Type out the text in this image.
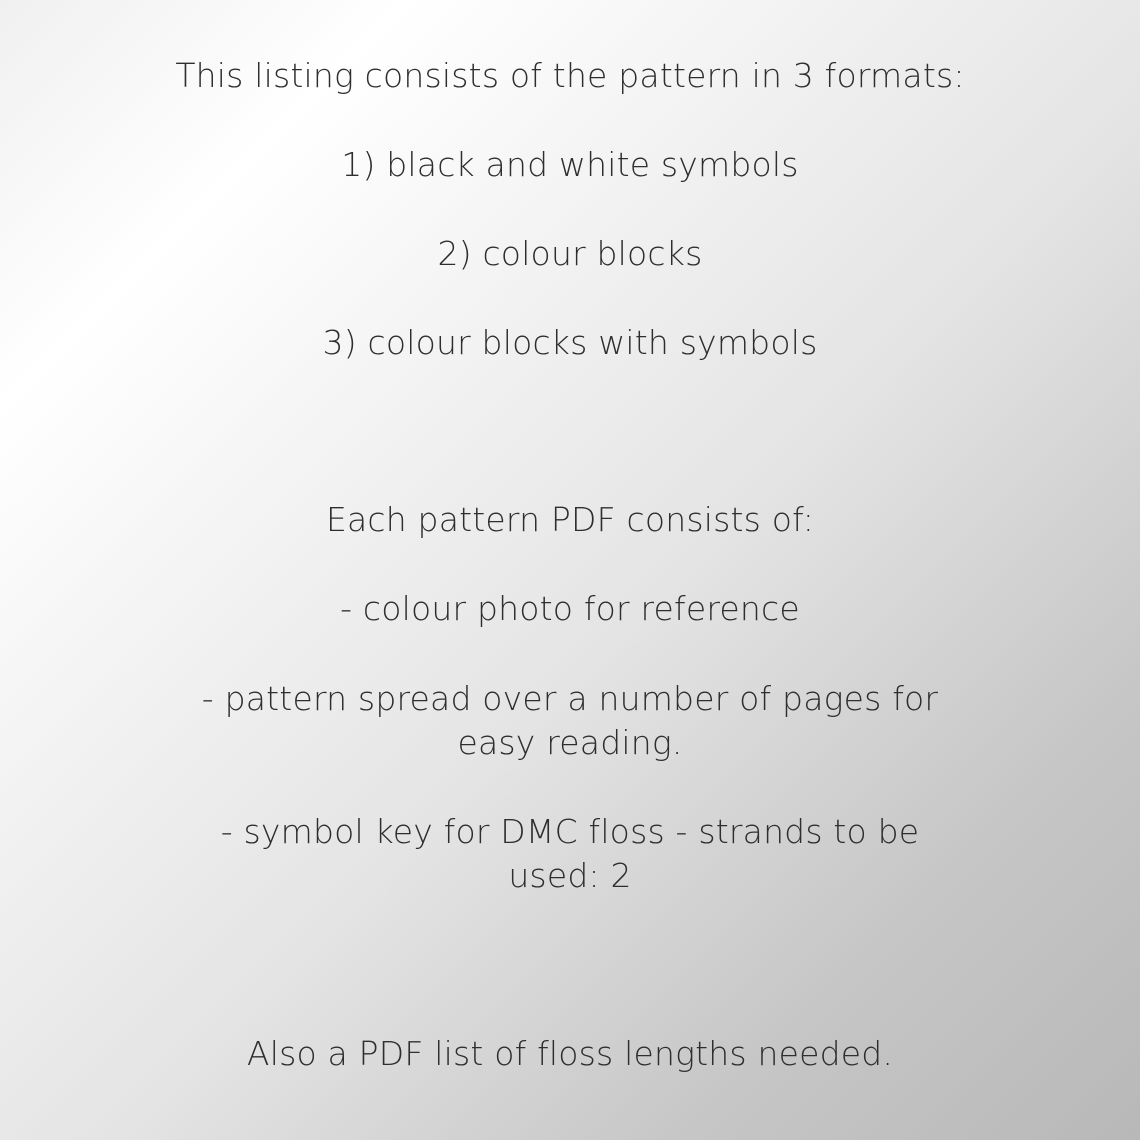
This listing consists of the pattern in 3 formats:
1) black and white symbols
2) colour blocks
3) colour blocks with symbols
Each pattern PDF consists of:
- colour photo for reference
- pattern spread over a number of pages for easy reading.
- symbol key for DMC floss - strands to be used: 2
Also a PDF list of floss lengths needed.
